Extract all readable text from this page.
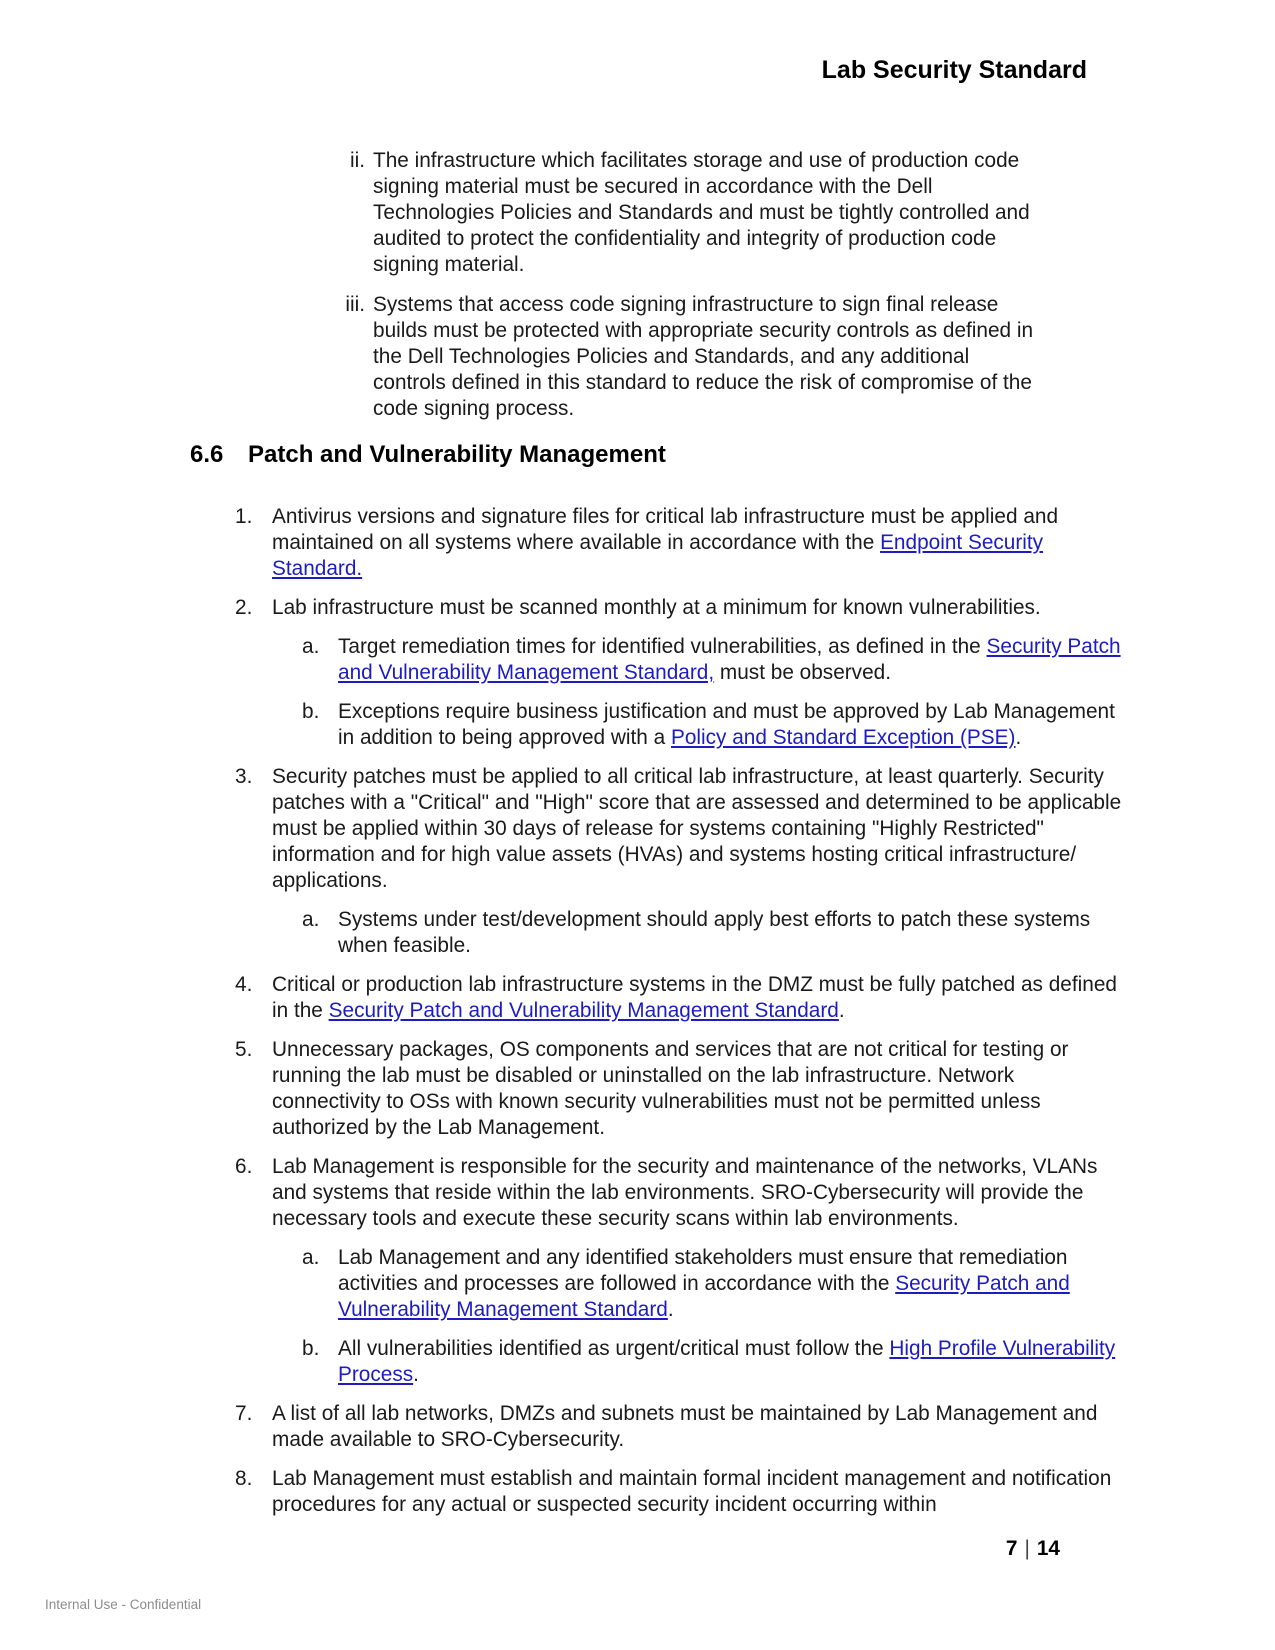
Lab Security Standard
ii. The infrastructure which facilitates storage and use of production code signing material must be secured in accordance with the Dell Technologies Policies and Standards and must be tightly controlled and audited to protect the confidentiality and integrity of production code signing material.
iii. Systems that access code signing infrastructure to sign final release builds must be protected with appropriate security controls as defined in the Dell Technologies Policies and Standards, and any additional controls defined in this standard to reduce the risk of compromise of the code signing process.
6.6 Patch and Vulnerability Management
1. Antivirus versions and signature files for critical lab infrastructure must be applied and maintained on all systems where available in accordance with the Endpoint Security Standard.
2. Lab infrastructure must be scanned monthly at a minimum for known vulnerabilities.
a. Target remediation times for identified vulnerabilities, as defined in the Security Patch and Vulnerability Management Standard, must be observed.
b. Exceptions require business justification and must be approved by Lab Management in addition to being approved with a Policy and Standard Exception (PSE).
3. Security patches must be applied to all critical lab infrastructure, at least quarterly. Security patches with a "Critical" and "High" score that are assessed and determined to be applicable must be applied within 30 days of release for systems containing "Highly Restricted" information and for high value assets (HVAs) and systems hosting critical infrastructure/ applications.
a. Systems under test/development should apply best efforts to patch these systems when feasible.
4. Critical or production lab infrastructure systems in the DMZ must be fully patched as defined in the Security Patch and Vulnerability Management Standard.
5. Unnecessary packages, OS components and services that are not critical for testing or running the lab must be disabled or uninstalled on the lab infrastructure. Network connectivity to OSs with known security vulnerabilities must not be permitted unless authorized by the Lab Management.
6. Lab Management is responsible for the security and maintenance of the networks, VLANs and systems that reside within the lab environments. SRO-Cybersecurity will provide the necessary tools and execute these security scans within lab environments.
a. Lab Management and any identified stakeholders must ensure that remediation activities and processes are followed in accordance with the Security Patch and Vulnerability Management Standard.
b. All vulnerabilities identified as urgent/critical must follow the High Profile Vulnerability Process.
7. A list of all lab networks, DMZs and subnets must be maintained by Lab Management and made available to SRO-Cybersecurity.
8. Lab Management must establish and maintain formal incident management and notification procedures for any actual or suspected security incident occurring within
7 | 14
Internal Use - Confidential
